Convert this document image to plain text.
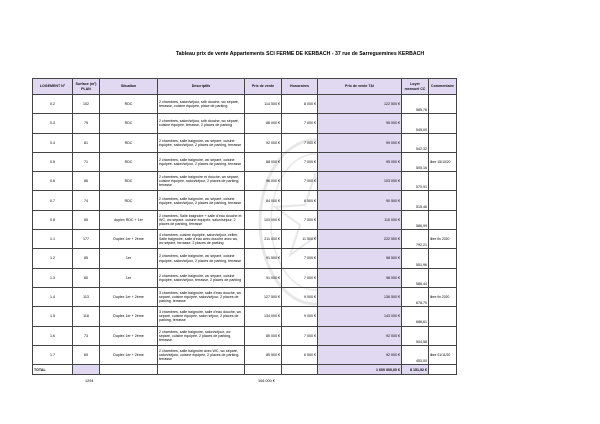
Tableau prix de vente Appartements SCI FERME DE KERBACH - 37 rue de Sarreguemines KERBACH
LOGEMENT N°	Surface (m²) PLAN	Situation	Descriptifs	Prix de vente	Honoraires	Prix de vente TAI	Loyer mensuel CC	Commentaire
0.2	102	RDC	2 chambres, salon/séjour, sdb douche, wc séparé, terrasse, cuisine équipée, place de parking	114 500 €	8 000 €	122 500 €	585,76	
0.3	79	RDC	2 chambres, salon/séjour, sdb douche, wc séparé, cuisine équipée, terrasse, 2 places de parking	88 000 €	7 000 €	95 000 €	545,00	
0.4	81	RDC	2 chambres, salle baignoire, wc séparé, cuisine équipée, salon/séjour, 2 places de parking, terrasse	92 000 €	7 000 €	99 000 €	542,32	
0.5	71	RDC	2 chambres, salle baignoire, wc séparé, cuisine équipée, salon/séjour, 2 places de parking, terrasse	88 000 €	7 000 €	95 000 €	505,16	libre 15/10/20
0.6	86	RDC	2 chambres, salle baignoire et douche, wc séparé, cuisine équipée, salon/séjour, 2 places de parking, terrasse	96 000 €	7 000 €	103 000 €	570,91	
0.7	74	RDC	2 chambres, salle baignoire, wc séparé, cuisine équipée, salon/séjour, 2 places de parking, terrasse	84 000 €	6 500 €	90 500 €	515,46	
0.8	85	duplex RDC + 1er	2 chambres, Salle baignoire + salle d'eau douche et WC, wc séparé, cuisine équipée, salon/séjour, 2 places de parking, terrasse	103 000 €	7 000 €	110 000 €	586,99	
1.1	177	Duplex 1er + 2ème	4 chambres, cuisine équipée, salon/séjour, cellier, Salle baignoire, salle d'eau avec douche avec wc, wc séparé, terrasse, 2 places de parking	211 000 €	11 500 €	222 500 €	792,21	libre fin 2020
1.2	85	1er	2 chambres, salle baignoire, wc séparé, cuisine équipée, salon/séjour, 2 places de parking, terrasse	91 500 €	7 000 €	98 500 €	551,96	
1.3	80	1er	2 chambres, salle baignoire, wc séparé, cuisine équipée, salon/séjour, terrasse, 2 places de parking	91 000 €	7 000 €	98 000 €	586,44	
1.4	113	Duplex 1er + 2ème	3 chambres, salle baignoire, salle d'eau douche, wc séparé, cuisine équipée, salon/séjour, 2 places de parking, terrasse	127 500 €	9 000 €	136 500 €	678,70	libre fin 2020
1.5	118	Duplex 1er + 2ème	3 chambres, salle baignoire, salle d'eau douche, wc séparé, cuisine équipée, salon séjour, 2 places de parking, terrasse	134 000 €	9 000 €	143 000 €	688,61	
1.6	73	Duplex 1er + 2ème	2 chambres, salle baignoire, salon/séjour, wc séparé, cuisine équipée, 2 places de parking, terrasse	85 000 €	7 000 €	92 000 €	504,58	
1.7	69	Duplex 1er + 2ème	2 chambres, salle baignoire avec WC, wc séparé, salon/séjour, cuisine équipée, 2 places de parking, terrasse	85 500 €	6 500 €	92 000 €	453,00	libre 01/11/20
TOTAL						1 600 000,00 €	8 151,92 €	
1294	106 000 €
